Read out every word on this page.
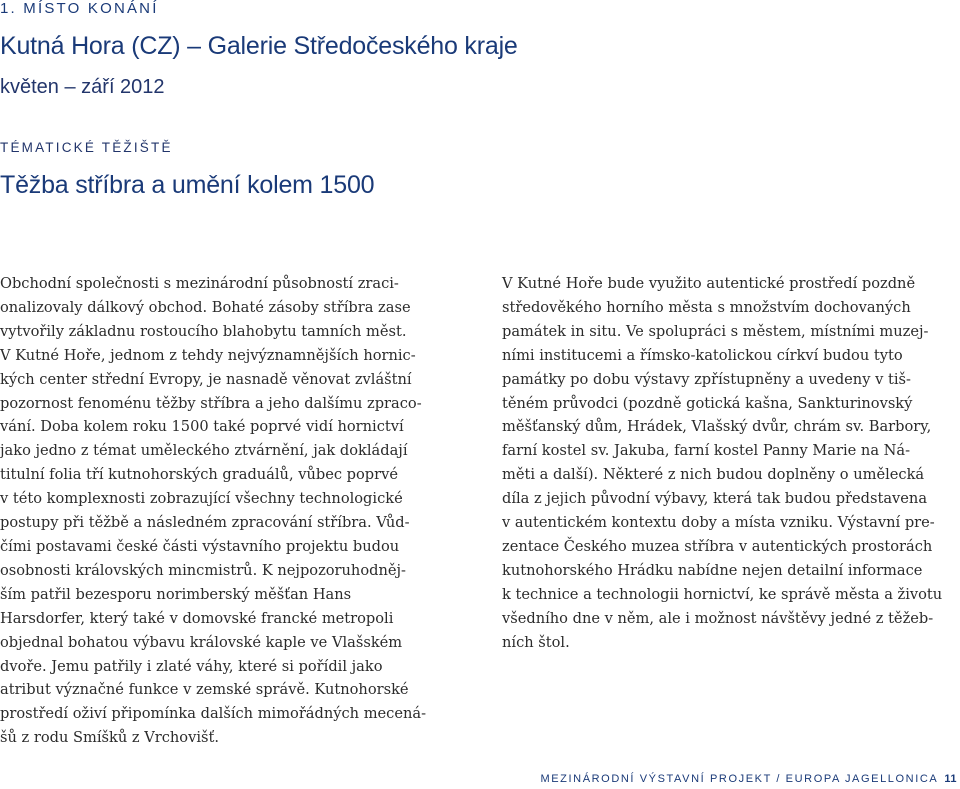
1. MÍSTO KONÁNÍ
Kutná Hora (CZ) – Galerie Středočeského kraje
květen – září 2012
TÉMATICKÉ TĚŽIŠTĚ
Těžba stříbra a umění kolem 1500

Obchodní společnosti s mezinárodní působností zraci-
onalizovaly dálkový obchod. Bohaté zásoby stříbra zase
vytvořily základnu rostoucího blahobytu tamních měst.
V Kutné Hoře, jednom z tehdy nejvýznamnějších hornic-
kých center střední Evropy, je nasnadě věnovat zvláštní
pozornost fenoménu těžby stříbra a jeho dalšímu zpraco-
vání. Doba kolem roku 1500 také poprvé vidí hornictví
jako jedno z témat uměleckého ztvárnění, jak dokládají
titulní folia tří kutnohorských graduálů, vůbec poprvé
v této komplexnosti zobrazující všechny technologické
postupy při těžbě a následném zpracování stříbra. Vůd-
čími postavami české části výstavního projektu budou
osobnosti královských mincmistrů. K nejpozoruhodněj-
ším patřil bezesporu norimberský měšťan Hans
Harsdorfer, který také v domovské francké metropoli
objednal bohatou výbavu královské kaple ve Vlašském
dvoře. Jemu patřily i zlaté váhy, které si pořídil jako
atribut význačné funkce v zemské správě. Kutnohorské
prostředí oživí připomínka dalších mimořádných mecená-
šů z rodu Smíšků z Vrchovišť.

V Kutné Hoře bude využito autentické prostředí pozdně
středověkého horního města s množstvím dochovaných
památek in situ. Ve spolupráci s městem, místními muzej-
ními institucemi a římsko-katolickou církví budou tyto
památky po dobu výstavy zpřístupněny a uvedeny v tiš-
těném průvodci (pozdně gotická kašna, Sankturinovský
měšťanský dům, Hrádek, Vlašský dvůr, chrám sv. Barbory,
farní kostel sv. Jakuba, farní kostel Panny Marie na Ná-
měti a další). Některé z nich budou doplněny o umělecká
díla z jejich původní výbavy, která tak budou představena
v autentickém kontextu doby a místa vzniku. Výstavní pre-
zentace Českého muzea stříbra v autentických prostorách
kutnohorského Hrádku nabídne nejen detailní informace
k technice a technologii hornictví, ke správě města a životu
všedního dne v něm, ale i možnost návštěvy jedné z těžeb-
ních štol.

MEZINÁRODNÍ VÝSTAVNÍ PROJEKT / EUROPA JAGELLONICA 11
